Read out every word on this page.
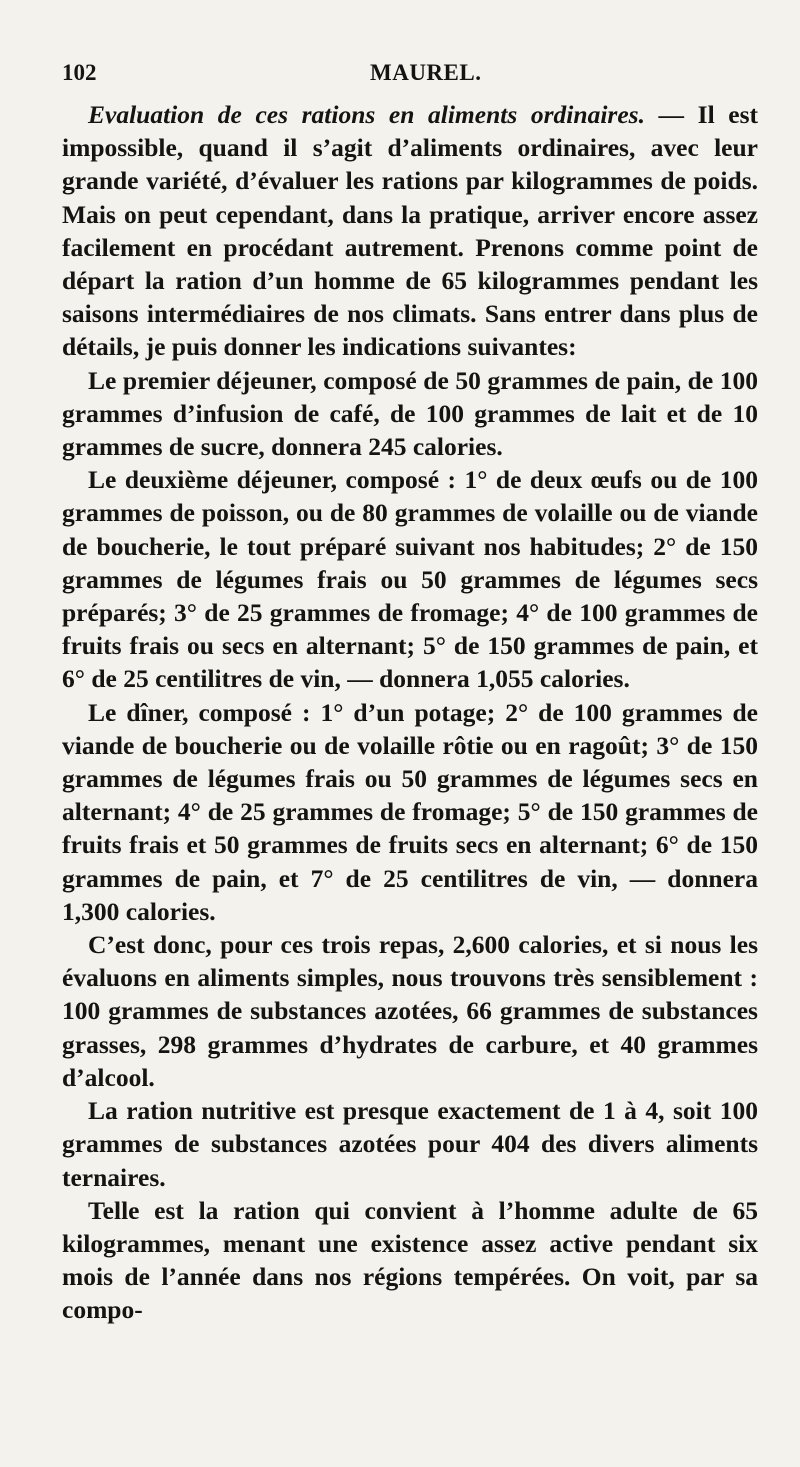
102	MAUREL.

Evaluation de ces rations en aliments ordinaires. — Il est impossible, quand il s’agit d’aliments ordinaires, avec leur grande variété, d’évaluer les rations par kilogrammes de poids. Mais on peut cependant, dans la pratique, arriver encore assez facilement en procédant autrement. Prenons comme point de départ la ration d’un homme de 65 kilogrammes pendant les saisons intermédiaires de nos climats. Sans entrer dans plus de détails, je puis donner les indications suivantes:

Le premier déjeuner, composé de 50 grammes de pain, de 100 grammes d’infusion de café, de 100 grammes de lait et de 10 grammes de sucre, donnera 245 calories.

Le deuxième déjeuner, composé : 1° de deux œufs ou de 100 grammes de poisson, ou de 80 grammes de volaille ou de viande de boucherie, le tout préparé suivant nos habitudes; 2° de 150 grammes de légumes frais ou 50 grammes de légumes secs préparés; 3° de 25 grammes de fromage; 4° de 100 grammes de fruits frais ou secs en alternant; 5° de 150 grammes de pain, et 6° de 25 centilitres de vin, — donnera 1,055 calories.

Le dîner, composé : 1° d’un potage; 2° de 100 grammes de viande de boucherie ou de volaille rôtie ou en ragoût; 3° de 150 grammes de légumes frais ou 50 grammes de légumes secs en alternant; 4° de 25 grammes de fromage; 5° de 150 grammes de fruits frais et 50 grammes de fruits secs en alternant; 6° de 150 grammes de pain, et 7° de 25 centilitres de vin, — donnera 1,300 calories.

C’est donc, pour ces trois repas, 2,600 calories, et si nous les évaluons en aliments simples, nous trouvons très sensiblement : 100 grammes de substances azotées, 66 grammes de substances grasses, 298 grammes d’hydrates de carbure, et 40 grammes d’alcool.

La ration nutritive est presque exactement de 1 à 4, soit 100 grammes de substances azotées pour 404 des divers aliments ternaires.

Telle est la ration qui convient à l’homme adulte de 65 kilogrammes, menant une existence assez active pendant six mois de l’année dans nos régions tempérées. On voit, par sa compo-
